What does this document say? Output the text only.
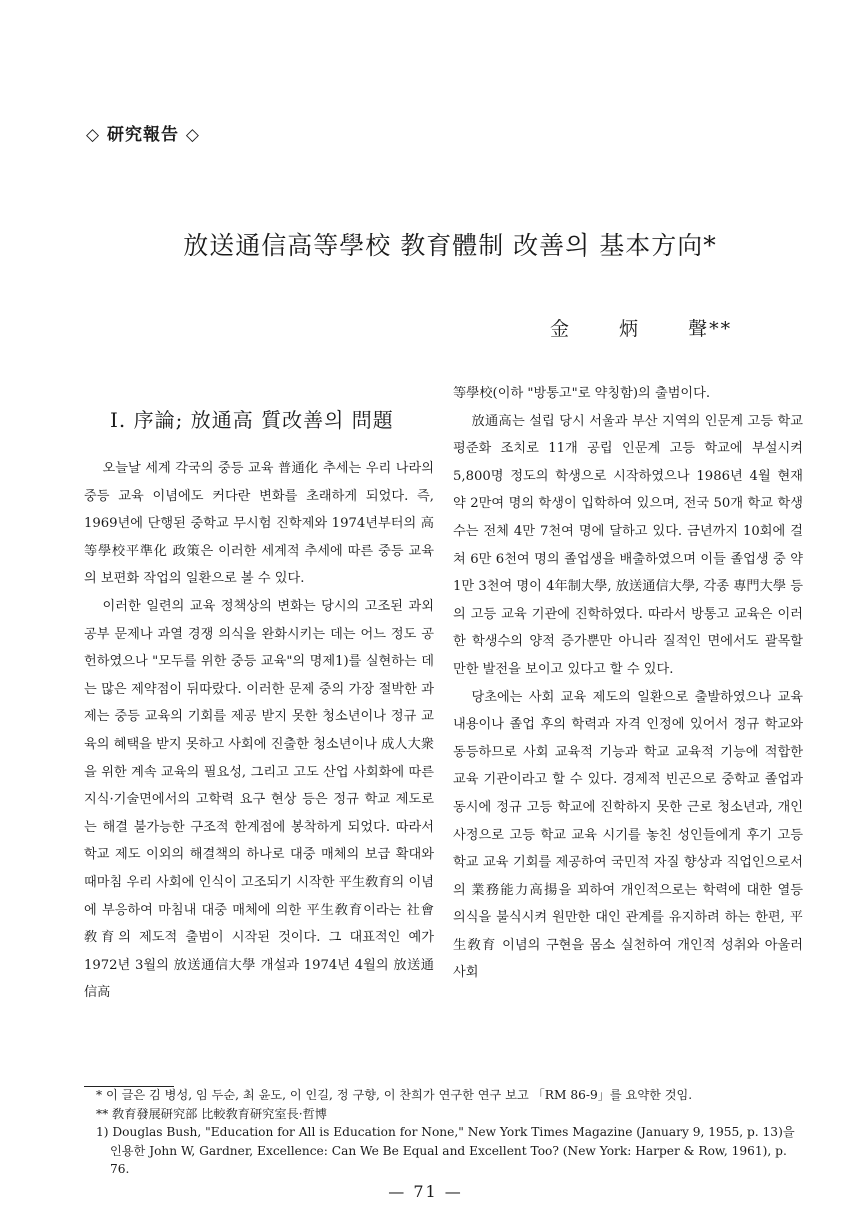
◇ 研究報告 ◇
放送通信高等學校 教育體制 改善의 基本方向*
金 炳 聲**
Ⅰ. 序論; 放通高 質改善의 問題

오늘날 세계 각국의 중등 교육 普通化 추세는 우리 나라의 중등 교육 이념에도 커다란 변화를 초래하게 되었다. 즉, 1969년에 단행된 중학교 무시험 진학제와 1974년부터의 高等學校平準化 政策은 이러한 세계적 추세에 따른 중등 교육의 보편화 작업의 일환으로 볼 수 있다.

이러한 일련의 교육 정책상의 변화는 당시의 고조된 과외 공부 문제나 과열 경쟁 의식을 완화시키는 데는 어느 정도 공헌하였으나 "모두를 위한 중등 교육"의 명제1)를 실현하는 데는 많은 제약점이 뒤따랐다. 이러한 문제 중의 가장 절박한 과제는 중등 교육의 기회를 제공 받지 못한 청소년이나 정규 교육의 혜택을 받지 못하고 사회에 진출한 청소년이나 成人大衆을 위한 계속 교육의 필요성, 그리고 고도 산업 사회화에 따른 지식·기술면에서의 고학력 요구 현상 등은 정규 학교 제도로는 해결 불가능한 구조적 한계점에 봉착하게 되었다. 따라서 학교 제도 이외의 해결책의 하나로 대중 매체의 보급 확대와 때마침 우리 사회에 인식이 고조되기 시작한 平生敎育의 이념에 부응하여 마침내 대중 매체에 의한 平生敎育이라는 社會敎育의 제도적 출범이 시작된 것이다. 그 대표적인 예가 1972년 3월의 放送通信大學 개설과 1974년 4월의 放送通信高

等學校(이하 "방통고"로 약칭함)의 출범이다.

放通高는 설립 당시 서울과 부산 지역의 인문계 고등 학교 평준화 조치로 11개 공립 인문계 고등 학교에 부설시켜 5,800명 정도의 학생으로 시작하였으나 1986년 4월 현재 약 2만여 명의 학생이 입학하여 있으며, 전국 50개 학교 학생수는 전체 4만 7천여 명에 달하고 있다. 금년까지 10회에 걸쳐 6만 6천여 명의 졸업생을 배출하였으며 이들 졸업생 중 약 1만 3천여 명이 4年制大學, 放送通信大學, 각종 專門大學 등의 고등 교육 기관에 진학하였다. 따라서 방통고 교육은 이러한 학생수의 양적 증가뿐만 아니라 질적인 면에서도 괄목할 만한 발전을 보이고 있다고 할 수 있다.

당초에는 사회 교육 제도의 일환으로 출발하였으나 교육 내용이나 졸업 후의 학력과 자격 인정에 있어서 정규 학교와 동등하므로 사회 교육적 기능과 학교 교육적 기능에 적합한 교육 기관이라고 할 수 있다. 경제적 빈곤으로 중학교 졸업과 동시에 정규 고등 학교에 진학하지 못한 근로 청소년과, 개인 사정으로 고등 학교 교육 시기를 놓친 성인들에게 후기 고등 학교 교육 기회를 제공하여 국민적 자질 향상과 직업인으로서의 業務能力高揚을 꾀하여 개인적으로는 학력에 대한 열등 의식을 불식시켜 원만한 대인 관계를 유지하려 하는 한편, 平生敎育 이념의 구현을 몸소 실천하여 개인적 성취와 아울러 사회

* 이 글은 김 병성, 임 두순, 최 윤도, 이 인길, 정 구향, 이 찬희가 연구한 연구 보고 「RM 86-9」를 요약한 것임.

** 敎育發展研究部 比較敎育研究室長·哲博

1) Douglas Bush, "Education for All is Education for None," New York Times Magazine (January 9, 1955, p. 13)을 인용한 John W, Gardner, Excellence: Can We Be Equal and Excellent Too? (New York: Harper & Row, 1961), p. 76.

— 71 —
